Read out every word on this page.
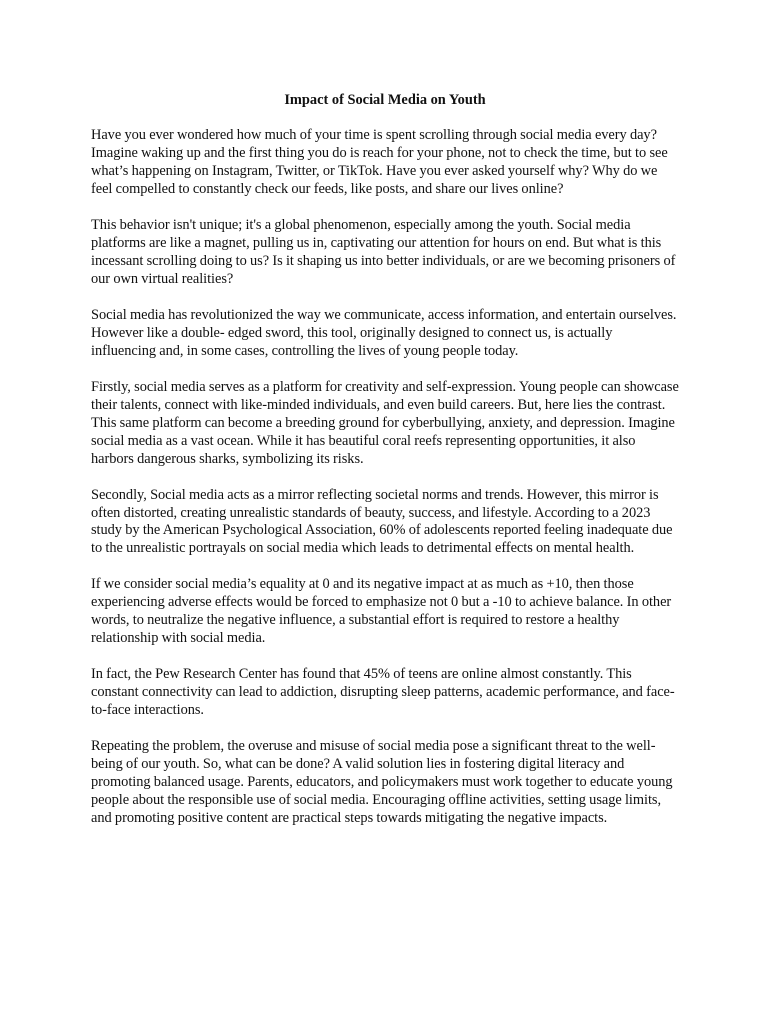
Impact of Social Media on Youth

Have you ever wondered how much of your time is spent scrolling through social media every day? Imagine waking up and the first thing you do is reach for your phone, not to check the time, but to see what’s happening on Instagram, Twitter, or TikTok. Have you ever asked yourself why? Why do we feel compelled to constantly check our feeds, like posts, and share our lives online?

This behavior isn't unique; it's a global phenomenon, especially among the youth. Social media platforms are like a magnet, pulling us in, captivating our attention for hours on end. But what is this incessant scrolling doing to us? Is it shaping us into better individuals, or are we becoming prisoners of our own virtual realities?

Social media has revolutionized the way we communicate, access information, and entertain ourselves. However like a double- edged sword, this tool, originally designed to connect us, is actually influencing and, in some cases, controlling the lives of young people today.

Firstly, social media serves as a platform for creativity and self-expression. Young people can showcase their talents, connect with like-minded individuals, and even build careers. But, here lies the contrast. This same platform can become a breeding ground for cyberbullying, anxiety, and depression. Imagine social media as a vast ocean. While it has beautiful coral reefs representing opportunities, it also harbors dangerous sharks, symbolizing its risks.

Secondly, Social media acts as a mirror reflecting societal norms and trends. However, this mirror is often distorted, creating unrealistic standards of beauty, success, and lifestyle. According to a 2023 study by the American Psychological Association, 60% of adolescents reported feeling inadequate due to the unrealistic portrayals on social media which leads to detrimental effects on mental health.

If we consider social media’s equality at 0 and its negative impact at as much as +10, then those experiencing adverse effects would be forced to emphasize not 0 but a -10 to achieve balance. In other words, to neutralize the negative influence, a substantial effort is required to restore a healthy relationship with social media.

In fact, the Pew Research Center has found that 45% of teens are online almost constantly. This constant connectivity can lead to addiction, disrupting sleep patterns, academic performance, and face-to-face interactions.

Repeating the problem, the overuse and misuse of social media pose a significant threat to the well-being of our youth. So, what can be done? A valid solution lies in fostering digital literacy and promoting balanced usage. Parents, educators, and policymakers must work together to educate young people about the responsible use of social media. Encouraging offline activities, setting usage limits, and promoting positive content are practical steps towards mitigating the negative impacts.
